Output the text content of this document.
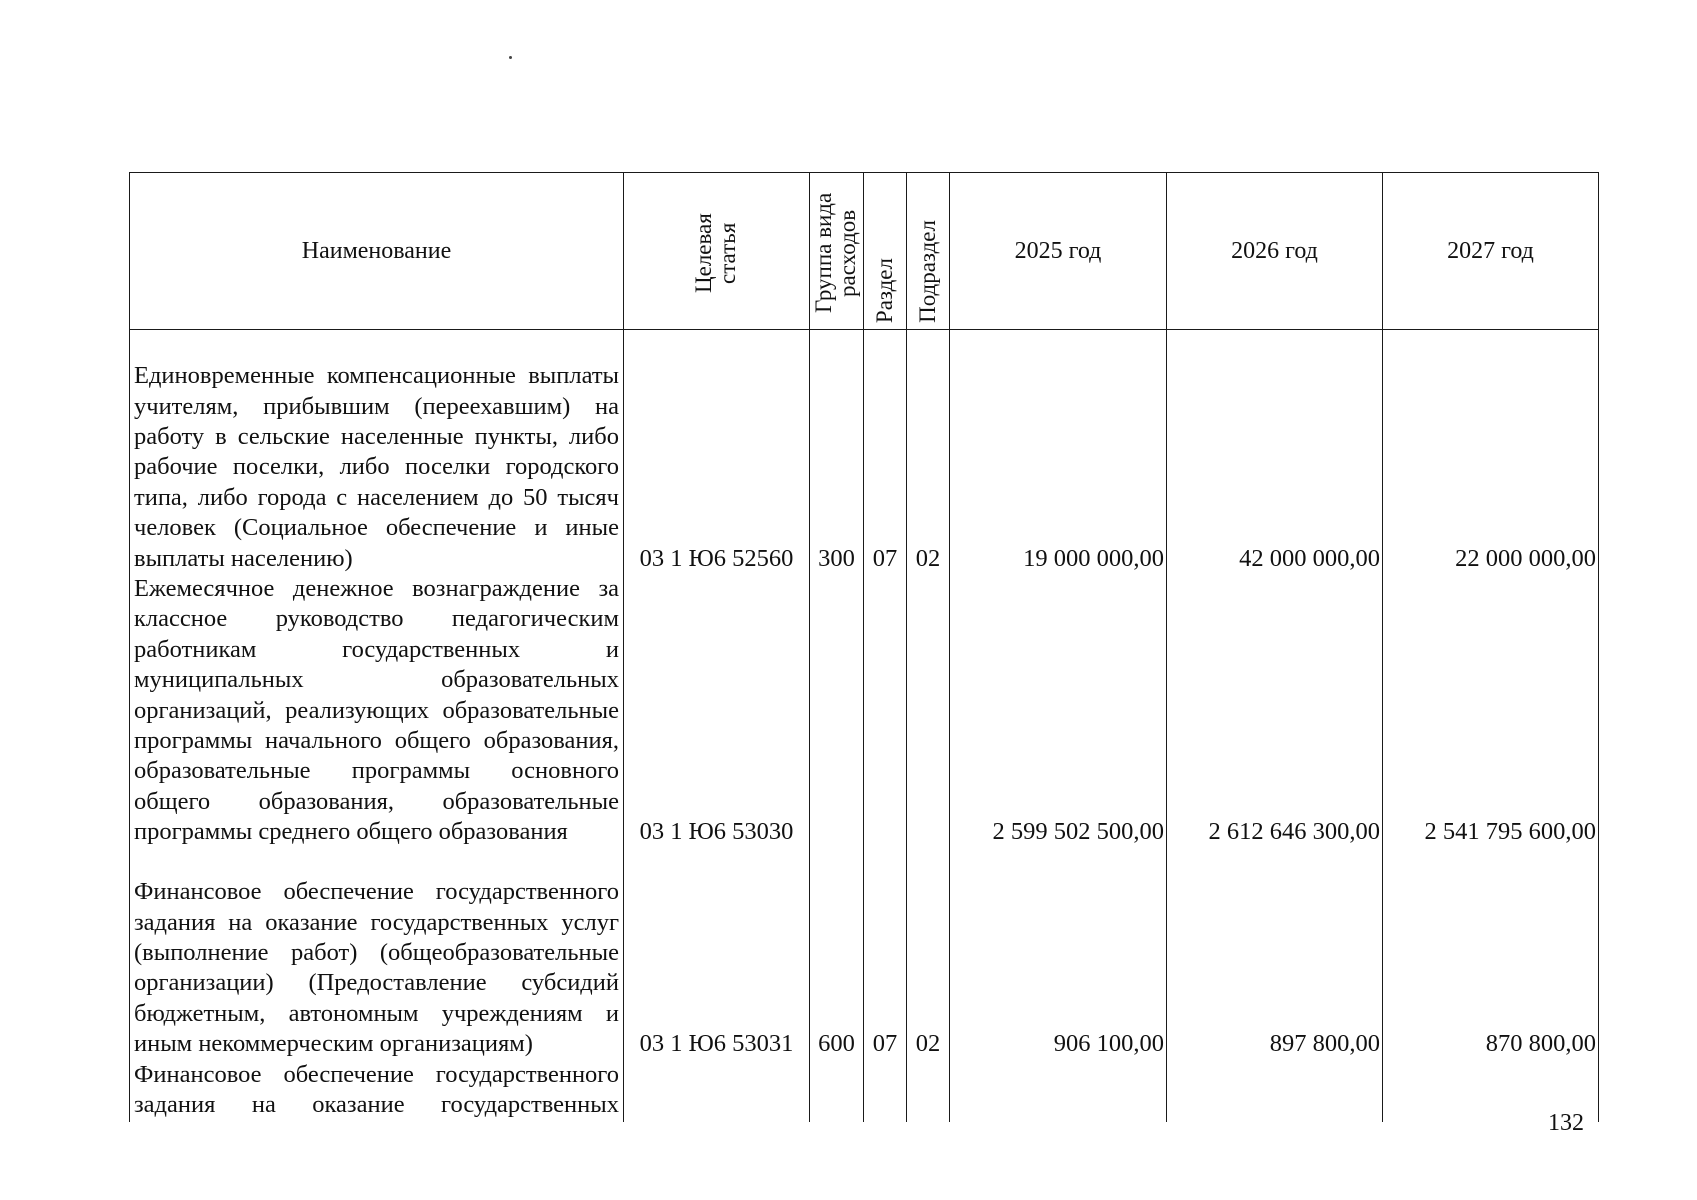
Наименование	Целевая статья	Группа вида расходов	Раздел	Подраздел	2025 год	2026 год	2027 год
Единовременные компенсационные выплаты учителям, прибывшим (переехавшим) на работу в сельские населенные пункты, либо рабочие поселки, либо поселки городского типа, либо города с населением до 50 тысяч человек (Социальное обеспечение и иные выплаты населению)	03 1 Ю6 52560	300	07	02	19 000 000,00	42 000 000,00	22 000 000,00
Ежемесячное денежное вознаграждение за классное руководство педагогическим работникам государственных и муниципальных образовательных организаций, реализующих образовательные программы начального общего образования, образовательные программы основного общего образования, образовательные программы среднего общего образования	03 1 Ю6 53030				2 599 502 500,00	2 612 646 300,00	2 541 795 600,00
Финансовое обеспечение государственного задания на оказание государственных услуг (выполнение работ) (общеобразовательные организации) (Предоставление субсидий бюджетным, автономным учреждениям и иным некоммерческим организациям)	03 1 Ю6 53031	600	07	02	906 100,00	897 800,00	870 800,00
Финансовое обеспечение государственного задания на оказание государственных							
132
